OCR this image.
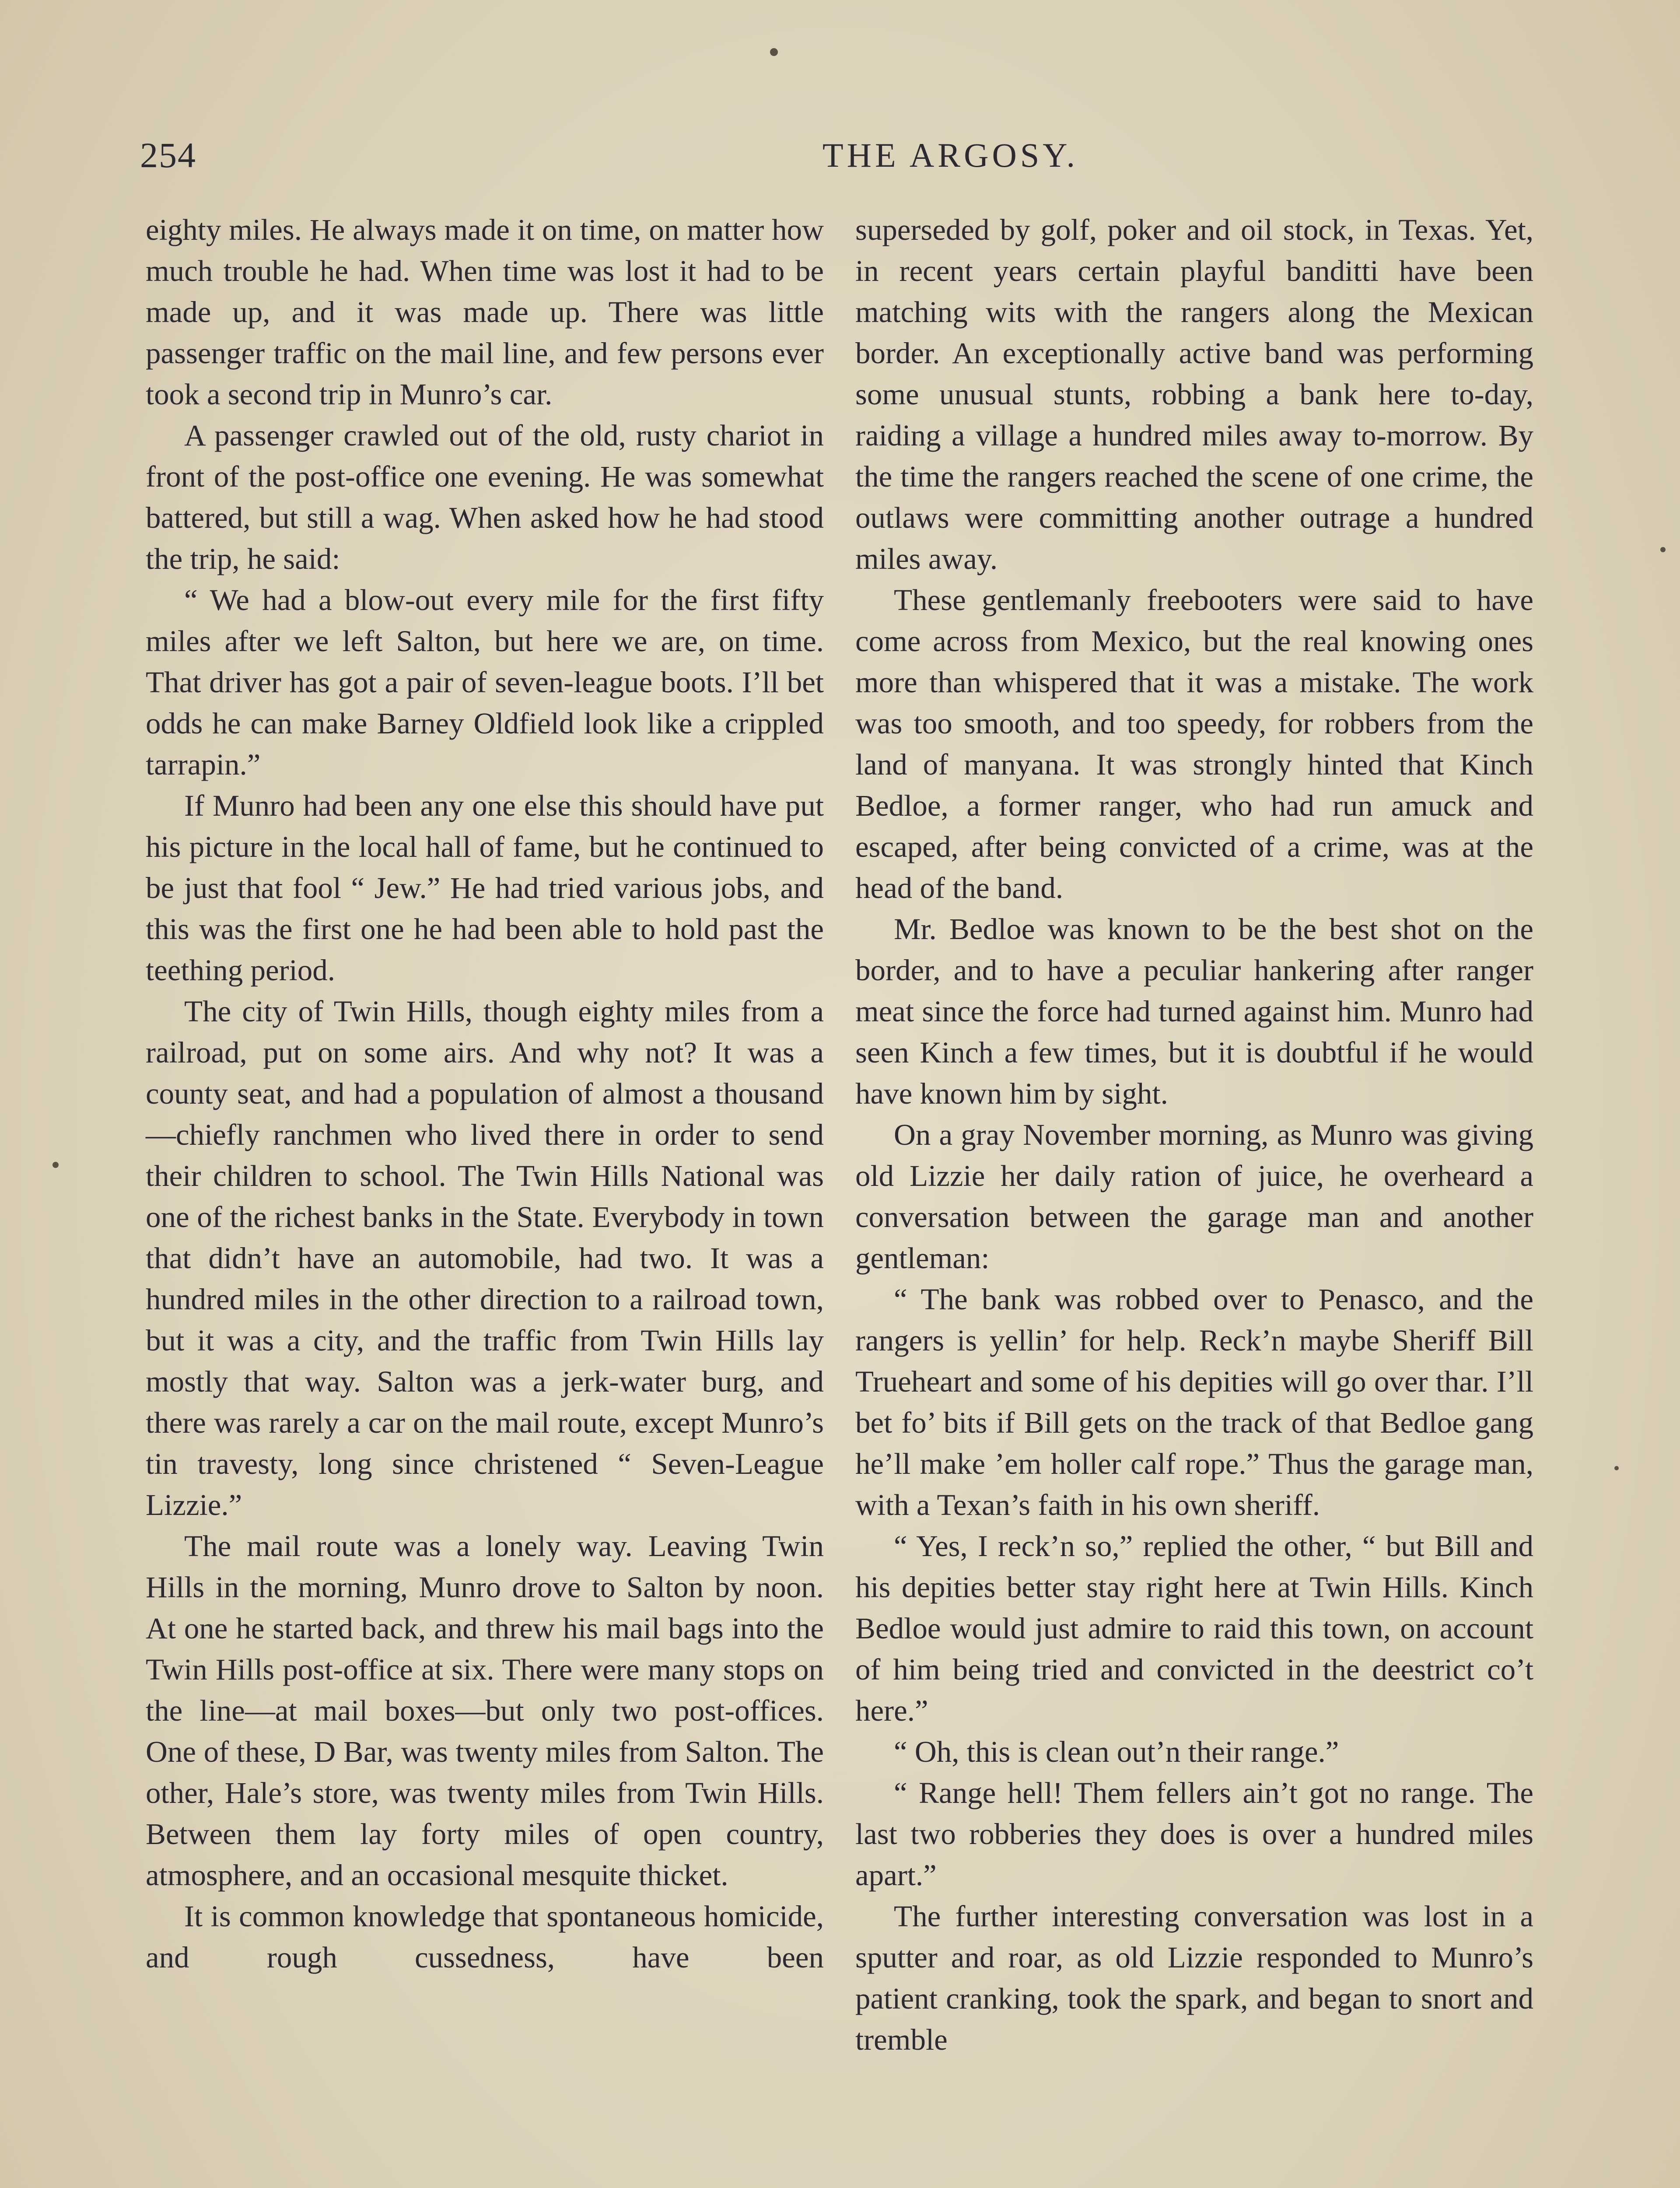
254	THE ARGOSY.

eighty miles. He always made it on time, on matter how much trouble he had. When time was lost it had to be made up, and it was made up. There was little passenger traffic on the mail line, and few persons ever took a second trip in Munro’s car.

A passenger crawled out of the old, rusty chariot in front of the post-office one evening. He was somewhat battered, but still a wag. When asked how he had stood the trip, he said:

“ We had a blow-out every mile for the first fifty miles after we left Salton, but here we are, on time. That driver has got a pair of seven-league boots. I’ll bet odds he can make Barney Oldfield look like a crippled tarrapin.”

If Munro had been any one else this should have put his picture in the local hall of fame, but he continued to be just that fool “ Jew.” He had tried various jobs, and this was the first one he had been able to hold past the teething period.

The city of Twin Hills, though eighty miles from a railroad, put on some airs. And why not? It was a county seat, and had a population of almost a thousand—chiefly ranchmen who lived there in order to send their children to school. The Twin Hills National was one of the richest banks in the State. Everybody in town that didn’t have an automobile, had two. It was a hundred miles in the other direction to a railroad town, but it was a city, and the traffic from Twin Hills lay mostly that way. Salton was a jerk-water burg, and there was rarely a car on the mail route, except Munro’s tin travesty, long since christened “ Seven-League Lizzie.”

The mail route was a lonely way. Leaving Twin Hills in the morning, Munro drove to Salton by noon. At one he started back, and threw his mail bags into the Twin Hills post-office at six. There were many stops on the line—at mail boxes—but only two post-offices. One of these, D Bar, was twenty miles from Salton. The other, Hale’s store, was twenty miles from Twin Hills. Between them lay forty miles of open country, atmosphere, and an occasional mesquite thicket.

It is common knowledge that spontaneous homicide, and rough cussedness, have been

superseded by golf, poker and oil stock, in Texas. Yet, in recent years certain playful banditti have been matching wits with the rangers along the Mexican border. An exceptionally active band was performing some unusual stunts, robbing a bank here to-day, raiding a village a hundred miles away to-morrow. By the time the rangers reached the scene of one crime, the outlaws were committing another outrage a hundred miles away.

These gentlemanly freebooters were said to have come across from Mexico, but the real knowing ones more than whispered that it was a mistake. The work was too smooth, and too speedy, for robbers from the land of manyana. It was strongly hinted that Kinch Bedloe, a former ranger, who had run amuck and escaped, after being convicted of a crime, was at the head of the band.

Mr. Bedloe was known to be the best shot on the border, and to have a peculiar hankering after ranger meat since the force had turned against him. Munro had seen Kinch a few times, but it is doubtful if he would have known him by sight.

On a gray November morning, as Munro was giving old Lizzie her daily ration of juice, he overheard a conversation between the garage man and another gentleman:

“ The bank was robbed over to Penasco, and the rangers is yellin’ for help. Reck’n maybe Sheriff Bill Trueheart and some of his depities will go over thar. I’ll bet fo’ bits if Bill gets on the track of that Bedloe gang he’ll make ’em holler calf rope.” Thus the garage man, with a Texan’s faith in his own sheriff.

“ Yes, I reck’n so,” replied the other, “ but Bill and his depities better stay right here at Twin Hills. Kinch Bedloe would just admire to raid this town, on account of him being tried and convicted in the deestrict co’t here.”

“ Oh, this is clean out’n their range.”

“ Range hell! Them fellers ain’t got no range. The last two robberies they does is over a hundred miles apart.”

The further interesting conversation was lost in a sputter and roar, as old Lizzie responded to Munro’s patient cranking, took the spark, and began to snort and tremble
